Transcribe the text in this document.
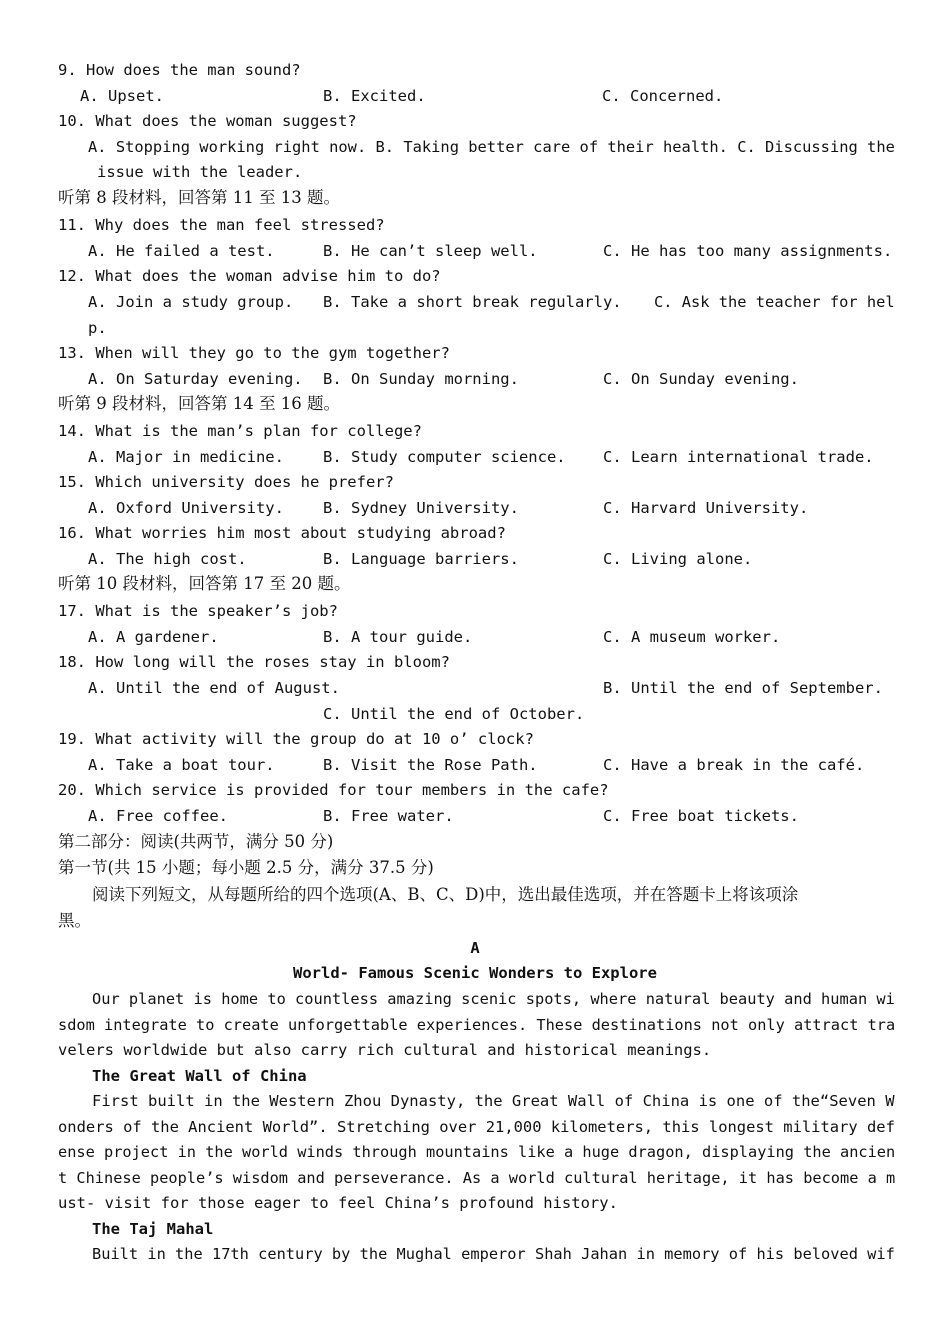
9. How does the man sound?
A. Upset.	B. Excited.	C. Concerned.
10. What does the woman suggest?
A. Stopping working right now. B. Taking better care of their health. C. Discussing the
issue with the leader.
听第 8 段材料，回答第 11 至 13 题。
11. Why does the man feel stressed?
A. He failed a test.	B. He can’t sleep well.	C. He has too many assignments.
12. What does the woman advise him to do?
A. Join a study group. B. Take a short break regularly. C. Ask the teacher for hel
p.
13. When will they go to the gym together?
A. On Saturday evening. B. On Sunday morning.	C. On Sunday evening.
听第 9 段材料，回答第 14 至 16 题。
14. What is the man’s plan for college?
A. Major in medicine.	B. Study computer science. C. Learn international trade.
15. Which university does he prefer?
A. Oxford University.	B. Sydney University.	C. Harvard University.
16. What worries him most about studying abroad?
A. The high cost.	B. Language barriers.	C. Living alone.
听第 10 段材料，回答第 17 至 20 题。
17. What is the speaker’s job?
A. A gardener.	B. A tour guide.	C. A museum worker.
18. How long will the roses stay in bloom?
A. Until the end of August.	B. Until the end of September.
C. Until the end of October.
19. What activity will the group do at 10 o’ clock?
A. Take a boat tour.	B. Visit the Rose Path.	C. Have a break in the café.
20. Which service is provided for tour members in the cafe?
A. Free coffee.	B. Free water.	C. Free boat tickets.
第二部分：阅读(共两节，满分 50 分)
第一节(共 15 小题；每小题 2.5 分，满分 37.5 分)
阅读下列短文，从每题所给的四个选项(A、B、C、D)中，选出最佳选项，并在答题卡上将该项涂
黑。
A
World- Famous Scenic Wonders to Explore
Our planet is home to countless amazing scenic spots, where natural beauty and human wi
sdom integrate to create unforgettable experiences. These destinations not only attract tra
velers worldwide but also carry rich cultural and historical meanings.
The Great Wall of China
First built in the Western Zhou Dynasty, the Great Wall of China is one of the“Seven W
onders of the Ancient World”. Stretching over 21,000 kilometers, this longest military def
ense project in the world winds through mountains like a huge dragon, displaying the ancien
t Chinese people’s wisdom and perseverance. As a world cultural heritage, it has become a m
ust- visit for those eager to feel China’s profound history.
The Taj Mahal
Built in the 17th century by the Mughal emperor Shah Jahan in memory of his beloved wif
